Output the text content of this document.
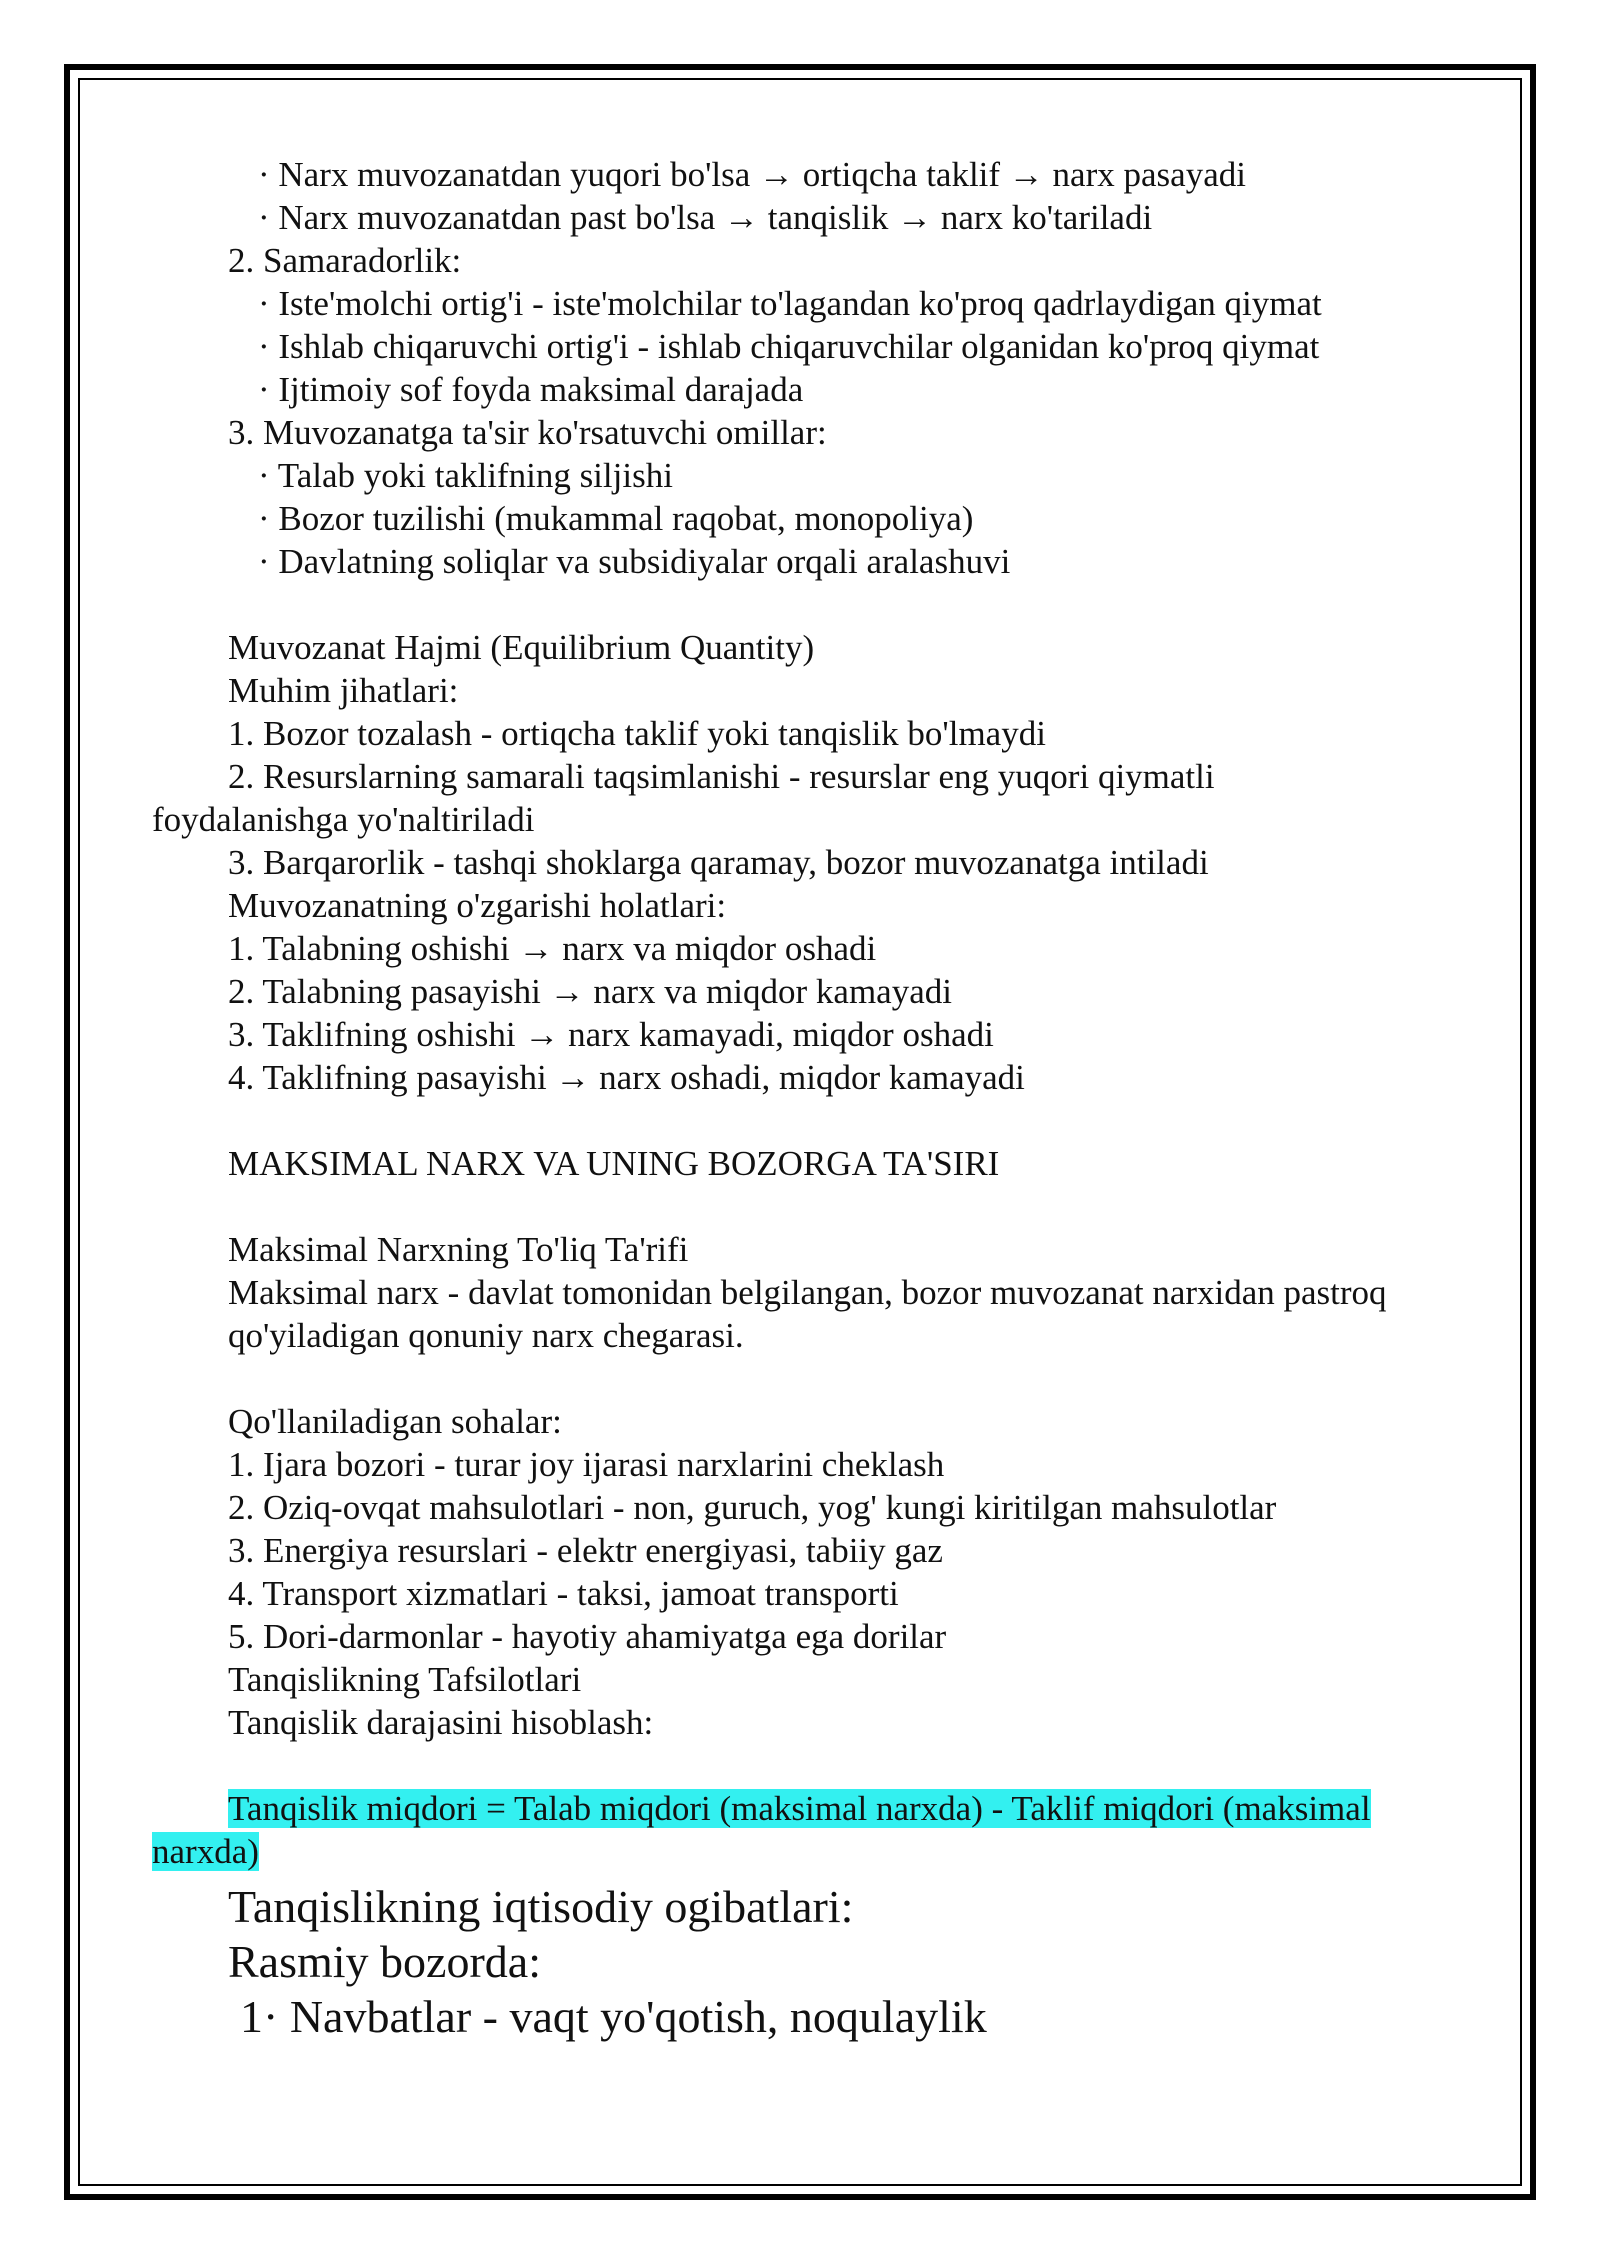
· Narx muvozanatdan yuqori bo'lsa → ortiqcha taklif → narx pasayadi
· Narx muvozanatdan past bo'lsa → tanqislik → narx ko'tariladi
2. Samaradorlik:
· Iste'molchi ortig'i - iste'molchilar to'lagandan ko'proq qadrlaydigan qiymat
· Ishlab chiqaruvchi ortig'i - ishlab chiqaruvchilar olganidan ko'proq qiymat
· Ijtimoiy sof foyda maksimal darajada
3. Muvozanatga ta'sir ko'rsatuvchi omillar:
· Talab yoki taklifning siljishi
· Bozor tuzilishi (mukammal raqobat, monopoliya)
· Davlatning soliqlar va subsidiyalar orqali aralashuvi
Muvozanat Hajmi (Equilibrium Quantity)
Muhim jihatlari:
1. Bozor tozalash - ortiqcha taklif yoki tanqislik bo'lmaydi
2. Resurslarning samarali taqsimlanishi - resurslar eng yuqori qiymatli
foydalanishga yo'naltiriladi
3. Barqarorlik - tashqi shoklarga qaramay, bozor muvozanatga intiladi
Muvozanatning o'zgarishi holatlari:
1. Talabning oshishi → narx va miqdor oshadi
2. Talabning pasayishi → narx va miqdor kamayadi
3. Taklifning oshishi → narx kamayadi, miqdor oshadi
4. Taklifning pasayishi → narx oshadi, miqdor kamayadi
MAKSIMAL NARX VA UNING BOZORGA TA'SIRI
Maksimal Narxning To'liq Ta'rifi
Maksimal narx - davlat tomonidan belgilangan, bozor muvozanat narxidan pastroq
qo'yiladigan qonuniy narx chegarasi.
Qo'llaniladigan sohalar:
1. Ijara bozori - turar joy ijarasi narxlarini cheklash
2. Oziq-ovqat mahsulotlari - non, guruch, yog' kungi kiritilgan mahsulotlar
3. Energiya resurslari - elektr energiyasi, tabiiy gaz
4. Transport xizmatlari - taksi, jamoat transporti
5. Dori-darmonlar - hayotiy ahamiyatga ega dorilar
Tanqislikning Tafsilotlari
Tanqislik darajasini hisoblash:
Tanqislik miqdori = Talab miqdori (maksimal narxda) - Taklif miqdori (maksimal
narxda)
Tanqislikning iqtisodiy ogibatlari:
Rasmiy bozorda:
1· Navbatlar - vaqt yo'qotish, noqulaylik
